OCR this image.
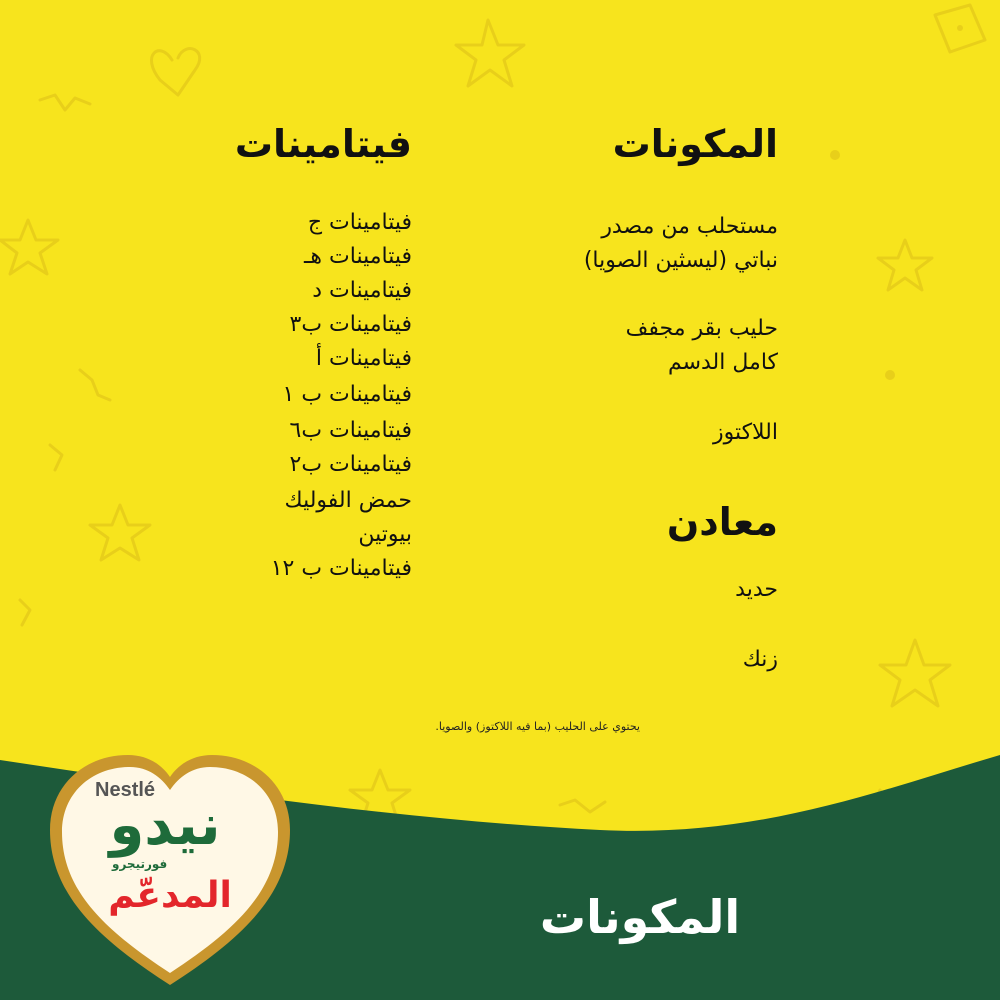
المكونات
مستحلب من مصدر
نباتي (ليسثين الصويا)
حليب بقر مجفف
كامل الدسم
اللاكتوز
معادن
حديد
زنك
فيتامينات
فيتامينات ج
فيتامينات هـ
فيتامينات د
فيتامينات ب٣
فيتامينات أ
فيتامينات ب ١
فيتامينات ب٦
فيتامينات ب٢
حمض الفوليك
بيوتين
فيتامينات ب ١٢
يحتوي على الحليب (بما فيه اللاكتوز) والصويا.
المكونات
Nestlé
نيدو
فورتيجرو
المدعّم
